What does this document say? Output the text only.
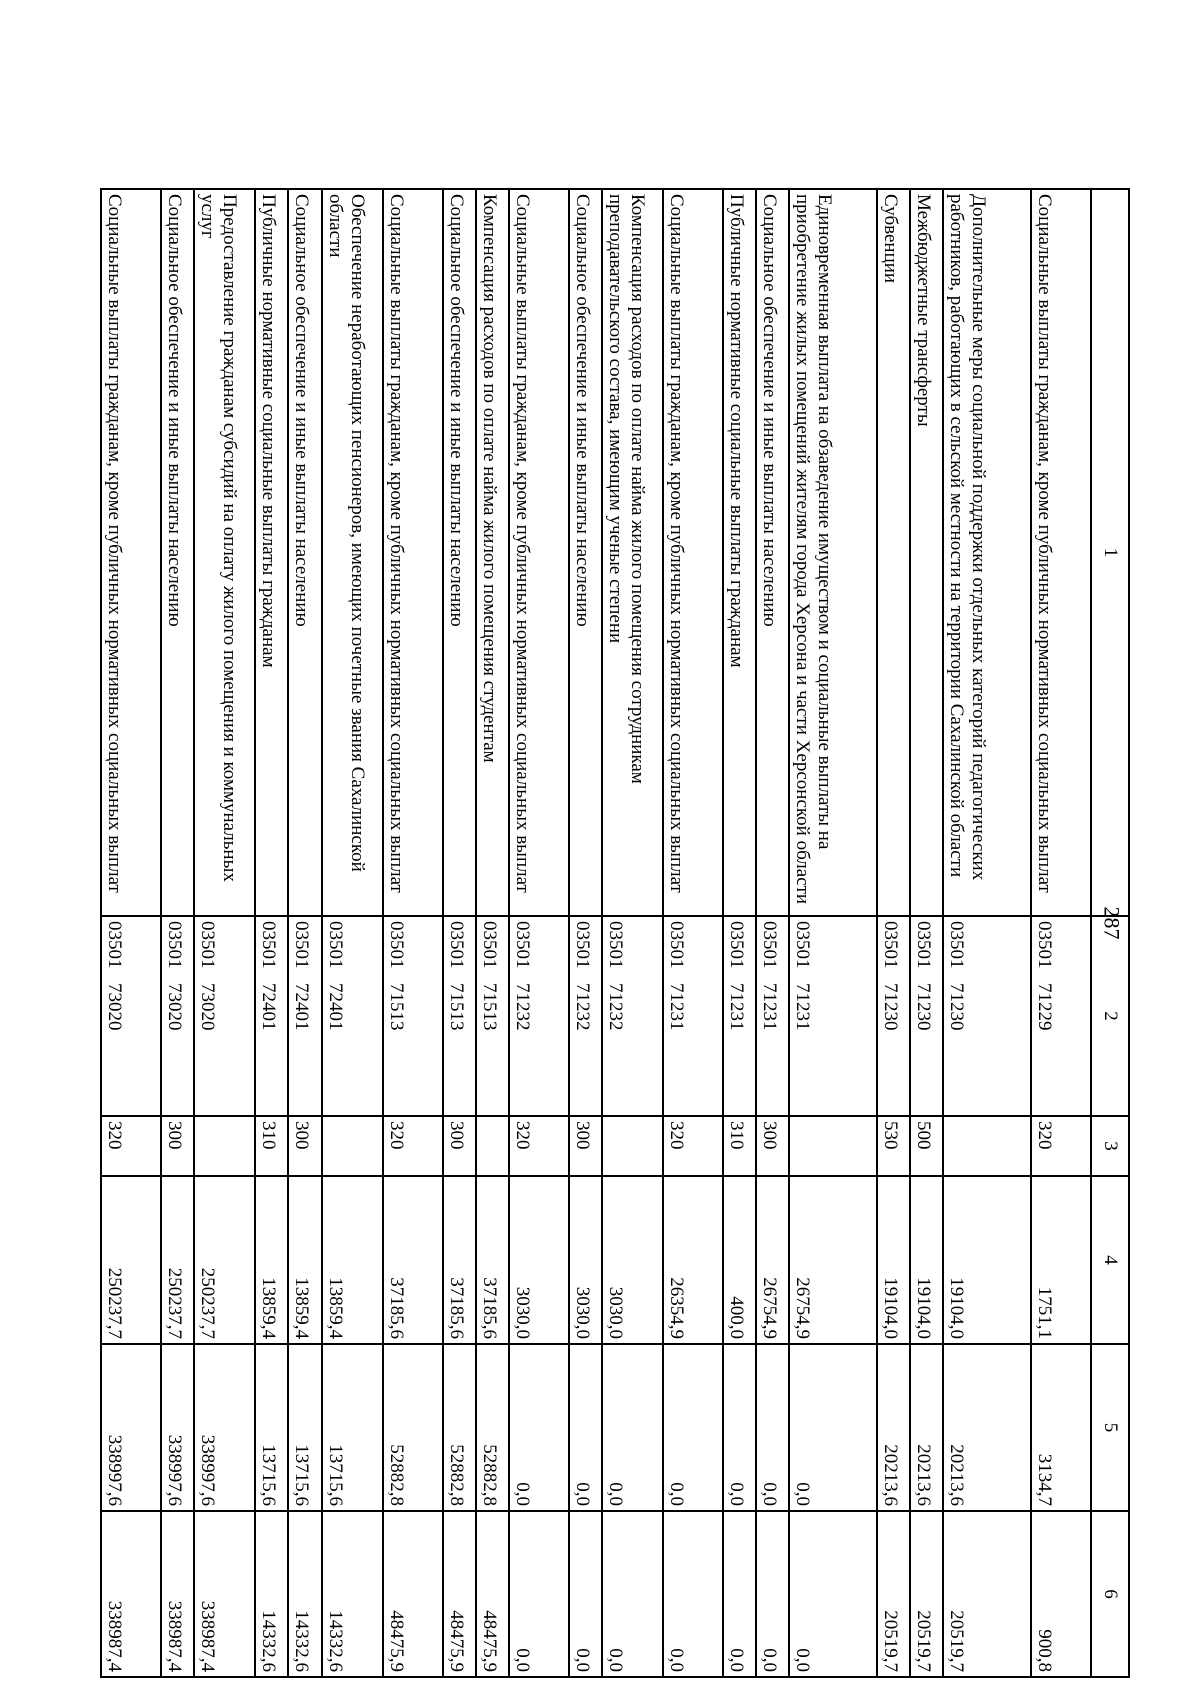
287
1	2	3	4	5	6
Социальные выплаты гражданам, кроме публичных нормативных социальных выплат	0350171229	320	1751,1	3134,7	900,8
Дополнительные меры социальной поддержки отдельных категорий педагогических работников, работающих в сельской местности на территории Сахалинской области	0350171230		19104,0	20213,6	20519,7
Межбюджетные трансферты	0350171230	500	19104,0	20213,6	20519,7
Субвенции	0350171230	530	19104,0	20213,6	20519,7
Единовременная выплата на обзаведение имуществом и социальные выплаты на приобретение жилых помещений жителям города Херсона и части Херсонской области	0350171231		26754,9	0,0	0,0
Социальное обеспечение и иные выплаты населению	0350171231	300	26754,9	0,0	0,0
Публичные нормативные социальные выплаты гражданам	0350171231	310	400,0	0,0	0,0
Социальные выплаты гражданам, кроме публичных нормативных социальных выплат	0350171231	320	26354,9	0,0	0,0
Компенсация расходов по оплате найма жилого помещения сотрудникам преподавательского состава, имеющим ученые степени	0350171232		3030,0	0,0	0,0
Социальное обеспечение и иные выплаты населению	0350171232	300	3030,0	0,0	0,0
Социальные выплаты гражданам, кроме публичных нормативных социальных выплат	0350171232	320	3030,0	0,0	0,0
Компенсация расходов по оплате найма жилого помещения студентам	0350171513		37185,6	52882,8	48475,9
Социальное обеспечение и иные выплаты населению	0350171513	300	37185,6	52882,8	48475,9
Социальные выплаты гражданам, кроме публичных нормативных социальных выплат	0350171513	320	37185,6	52882,8	48475,9
Обеспечение неработающих пенсионеров, имеющих почетные звания Сахалинской области	0350172401		13859,4	13715,6	14332,6
Социальное обеспечение и иные выплаты населению	0350172401	300	13859,4	13715,6	14332,6
Публичные нормативные социальные выплаты гражданам	0350172401	310	13859,4	13715,6	14332,6
Предоставление гражданам субсидий на оплату жилого помещения и коммунальных услуг	0350173020		250237,7	338997,6	338987,4
Социальное обеспечение и иные выплаты населению	0350173020	300	250237,7	338997,6	338987,4
Социальные выплаты гражданам, кроме публичных нормативных социальных выплат	0350173020	320	250237,7	338997,6	338987,4
